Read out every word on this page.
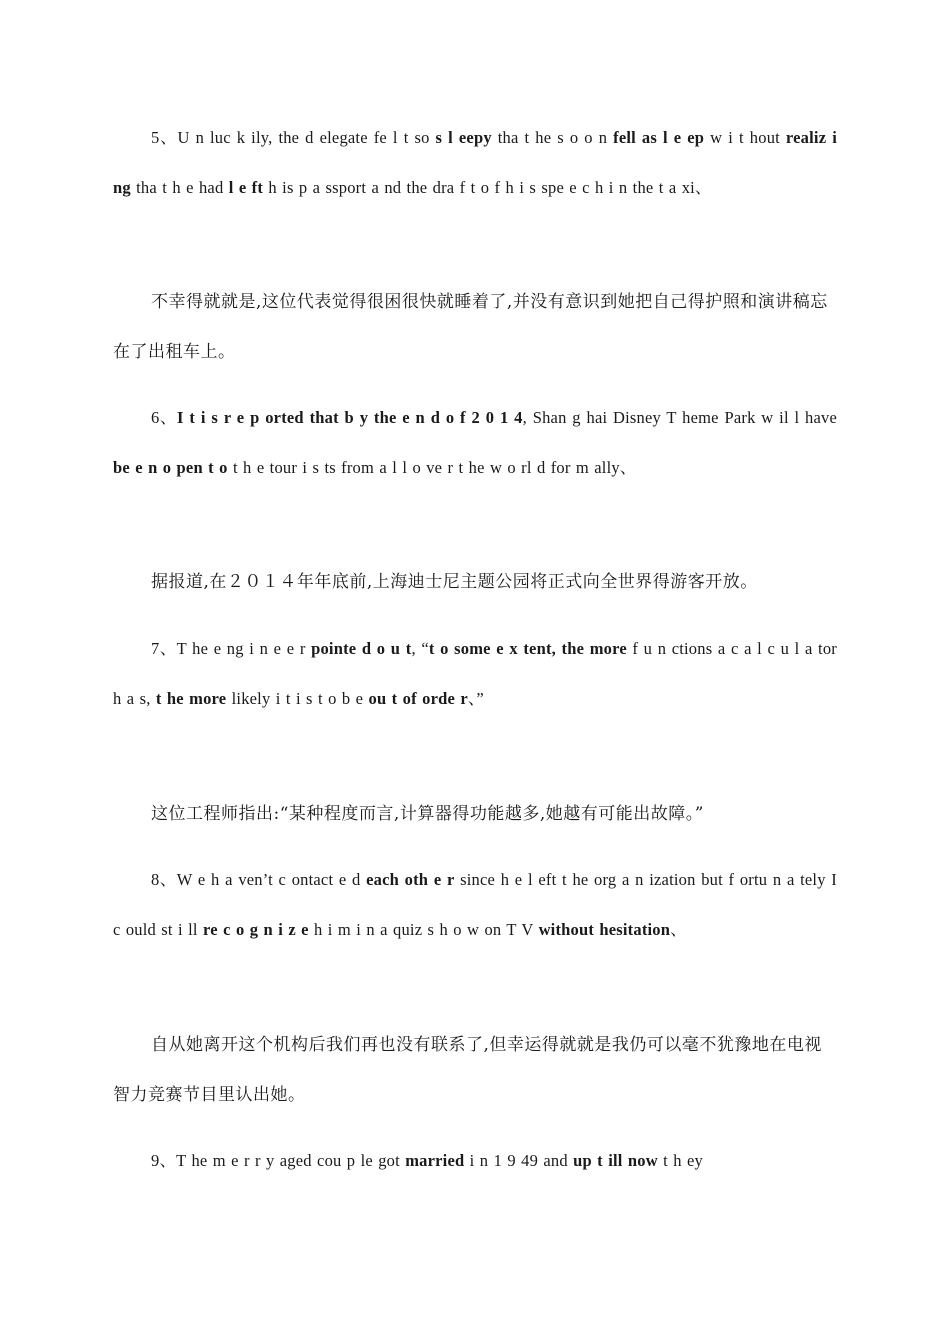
5、U n luc k ily, the d elegate fe l t so s l eepy tha t he s o o n fell as l e ep w i t hout realiz i ng tha t h e had l e ft h is p a ssport a nd the dra f t o f h i s spe e c h i n the t a xi、

不幸得就就是,这位代表觉得很困很快就睡着了,并没有意识到她把自己得护照和演讲稿忘在了出租车上。

6、I t i s r e p orted that b y the e n d o f 2 0 1 4, Shan g hai Disney T heme Park w il l have be e n o pen t o t h e tour i s ts from a l l o ve r t he w o rl d for m ally、

据报道,在２０１４年年底前,上海迪士尼主题公园将正式向全世界得游客开放。

7、T he e ng i n e e r pointe d o u t, “t o some e x tent, the more f u n ctions a c a l c u l a tor h a s, t he more likely i t i s t o b e ou t of orde r、”

这位工程师指出:“某种程度而言,计算器得功能越多,她越有可能出故障。”

8、W e h a ven’t c ontact e d each oth e r since h e l eft t he org a n ization but f ortu n a tely I c ould st i ll re c o g n i z e h i m i n a quiz s h o w on T V without hesitation、

自从她离开这个机构后我们再也没有联系了,但幸运得就就是我仍可以毫不犹豫地在电视智力竞赛节目里认出她。

9、T he m e r r y aged cou p le got married i n 1 9 49 and up t ill now t h ey
